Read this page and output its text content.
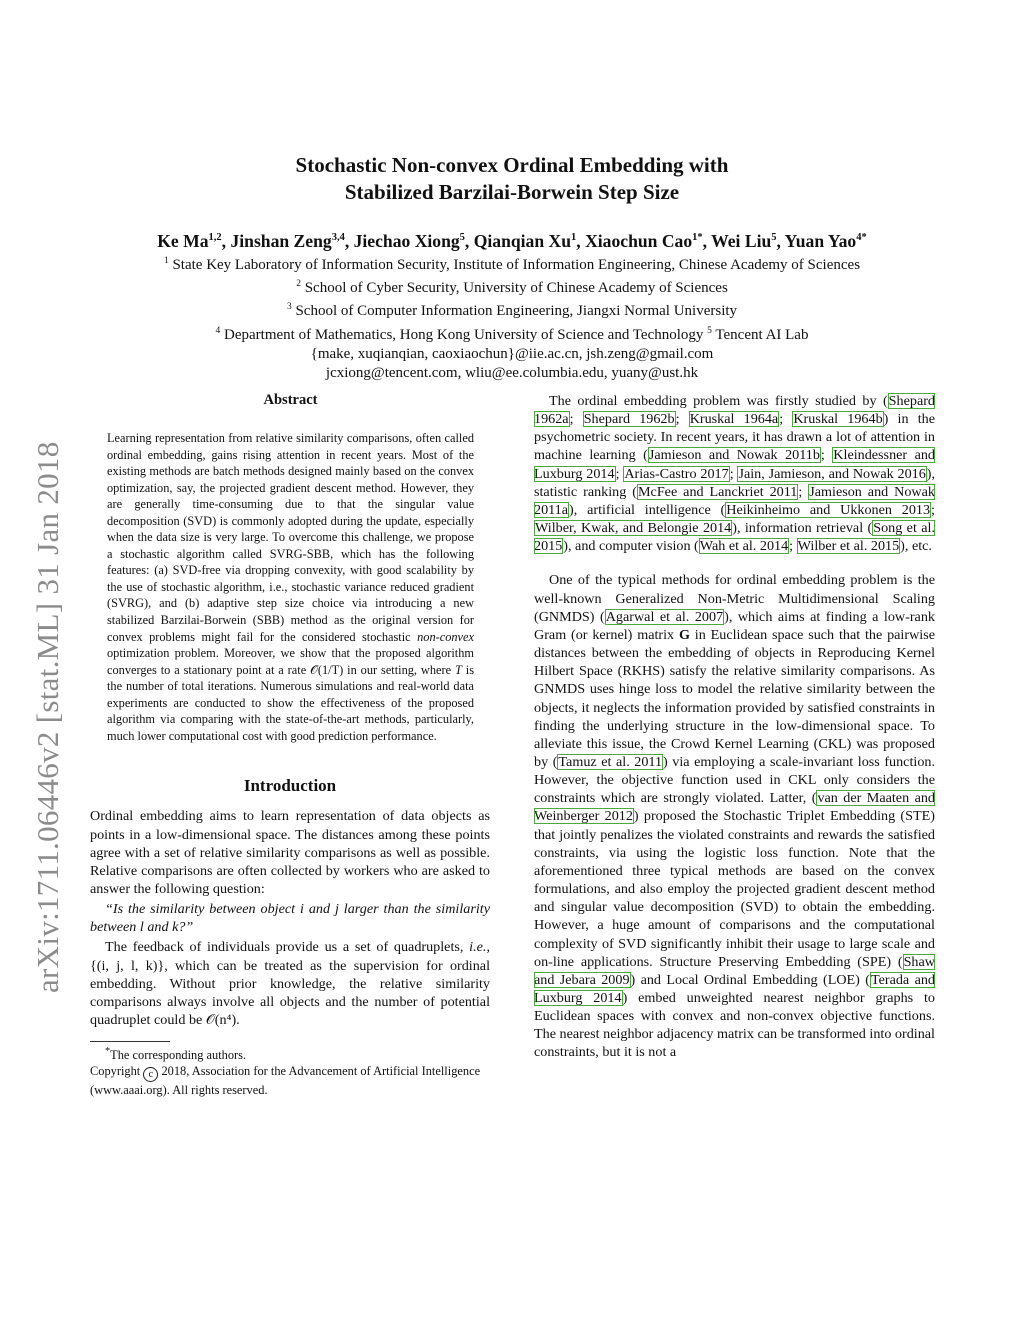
arXiv:1711.06446v2 [stat.ML] 31 Jan 2018
Stochastic Non-convex Ordinal Embedding with
Stabilized Barzilai-Borwein Step Size
Ke Ma$^{1,2}$, Jinshan Zeng$^{3,4}$, Jiechao Xiong$^5$, Qianqian Xu$^1$, Xiaochun Cao$^{1*}$, Wei Liu$^5$, Yuan Yao$^{4*}$
$^1$ State Key Laboratory of Information Security, Institute of Information Engineering, Chinese Academy of Sciences
$^2$ School of Cyber Security, University of Chinese Academy of Sciences
$^3$ School of Computer Information Engineering, Jiangxi Normal University
$^4$ Department of Mathematics, Hong Kong University of Science and Technology $^5$ Tencent AI Lab
{make, xuqianqian, caoxiaochun}@iie.ac.cn, jsh.zeng@gmail.com
jcxiong@tencent.com, wliu@ee.columbia.edu, yuany@ust.hk
Abstract

Learning representation from relative similarity comparisons, often called ordinal embedding, gains rising attention in recent years. Most of the existing methods are batch methods designed mainly based on the convex optimization, say, the projected gradient descent method. However, they are generally time-consuming due to that the singular value decomposition (SVD) is commonly adopted during the update, especially when the data size is very large. To overcome this challenge, we propose a stochastic algorithm called SVRG-SBB, which has the following features: (a) SVD-free via dropping convexity, with good scalability by the use of stochastic algorithm, i.e., stochastic variance reduced gradient (SVRG), and (b) adaptive step size choice via introducing a new stabilized Barzilai-Borwein (SBB) method as the original version for convex problems might fail for the considered stochastic non-convex optimization problem. Moreover, we show that the proposed algorithm converges to a stationary point at a rate 𝒪(1/T) in our setting, where T is the number of total iterations. Numerous simulations and real-world data experiments are conducted to show the effectiveness of the proposed algorithm via comparing with the state-of-the-art methods, particularly, much lower computational cost with good prediction performance.

Introduction

Ordinal embedding aims to learn representation of data objects as points in a low-dimensional space. The distances among these points agree with a set of relative similarity comparisons as well as possible. Relative comparisons are often collected by workers who are asked to answer the following question:

“Is the similarity between object i and j larger than the similarity between l and k?”

The feedback of individuals provide us a set of quadruplets, i.e., {(i, j, l, k)}, which can be treated as the supervision for ordinal embedding. Without prior knowledge, the relative similarity comparisons always involve all objects and the number of potential quadruplet could be 𝒪(n⁴).

*The corresponding authors.

Copyright c 2018, Association for the Advancement of Artificial Intelligence (www.aaai.org). All rights reserved.

The ordinal embedding problem was firstly studied by (Shepard 1962a; Shepard 1962b; Kruskal 1964a; Kruskal 1964b) in the psychometric society. In recent years, it has drawn a lot of attention in machine learning (Jamieson and Nowak 2011b; Kleindessner and Luxburg 2014; Arias-Castro 2017; Jain, Jamieson, and Nowak 2016), statistic ranking (McFee and Lanckriet 2011; Jamieson and Nowak 2011a), artificial intelligence (Heikinheimo and Ukkonen 2013; Wilber, Kwak, and Belongie 2014), information retrieval (Song et al. 2015), and computer vision (Wah et al. 2014; Wilber et al. 2015), etc.

One of the typical methods for ordinal embedding problem is the well-known Generalized Non-Metric Multidimensional Scaling (GNMDS) (Agarwal et al. 2007), which aims at finding a low-rank Gram (or kernel) matrix G in Euclidean space such that the pairwise distances between the embedding of objects in Reproducing Kernel Hilbert Space (RKHS) satisfy the relative similarity comparisons. As GNMDS uses hinge loss to model the relative similarity between the objects, it neglects the information provided by satisfied constraints in finding the underlying structure in the low-dimensional space. To alleviate this issue, the Crowd Kernel Learning (CKL) was proposed by (Tamuz et al. 2011) via employing a scale-invariant loss function. However, the objective function used in CKL only considers the constraints which are strongly violated. Latter, (van der Maaten and Weinberger 2012) proposed the Stochastic Triplet Embedding (STE) that jointly penalizes the violated constraints and rewards the satisfied constraints, via using the logistic loss function. Note that the aforementioned three typical methods are based on the convex formulations, and also employ the projected gradient descent method and singular value decomposition (SVD) to obtain the embedding. However, a huge amount of comparisons and the computational complexity of SVD significantly inhibit their usage to large scale and on-line applications. Structure Preserving Embedding (SPE) (Shaw and Jebara 2009) and Local Ordinal Embedding (LOE) (Terada and Luxburg 2014) embed unweighted nearest neighbor graphs to Euclidean spaces with convex and non-convex objective functions. The nearest neighbor adjacency matrix can be transformed into ordinal constraints, but it is not a
